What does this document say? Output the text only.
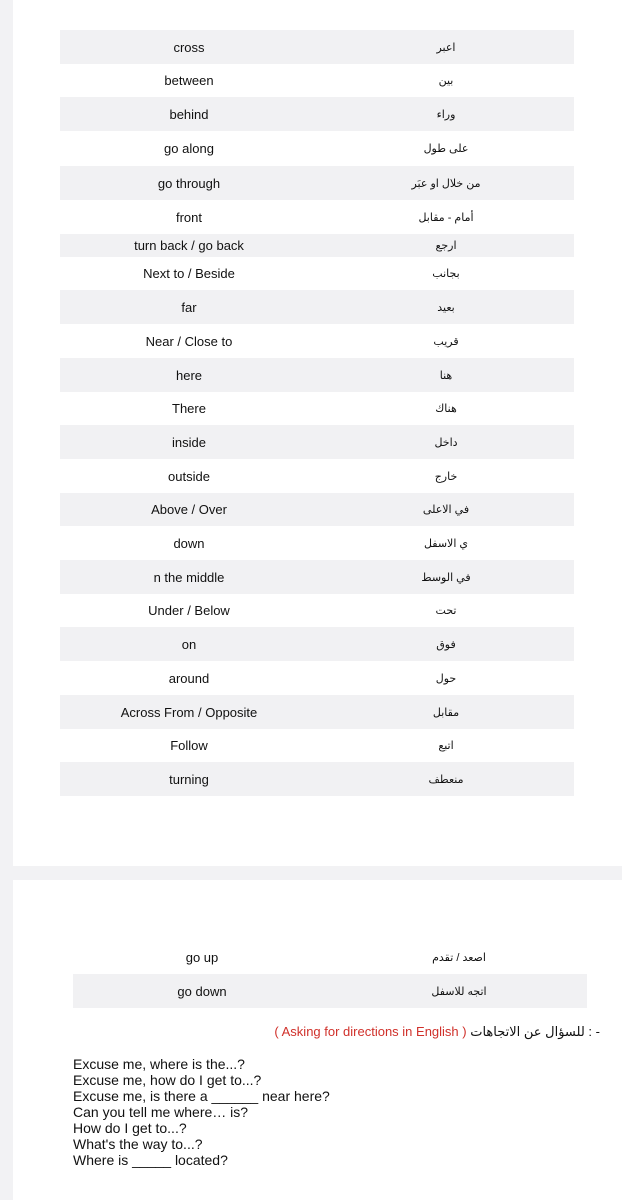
cross	اعبر
between	بين
behind	وراء
go along	على طول
go through	من خلال او عبَر
front	أمام - مقابل
turn back / go back	ارجع
Next to / Beside	بجانب
far	بعيد
Near / Close to	قريب
here	هنا
There	هناك
inside	داخل
outside	خارج
Above / Over	في الاعلى
down	ي الاسفل
n the middle	في الوسط
Under / Below	تحت
on	فوق
around	حول
Across From / Opposite	مقابل
Follow	اتبع
turning	منعطف
go up	اصعد / تقدم
go down	اتجه للاسفل
( Asking for directions in English ) للسؤال عن الاتجاهات : -
Excuse me, where is the...?
Excuse me, how do I get to...?
Excuse me, is there a ______ near here?
Can you tell me where… is?
How do I get to...?
What's the way to...?
Where is _____ located?
